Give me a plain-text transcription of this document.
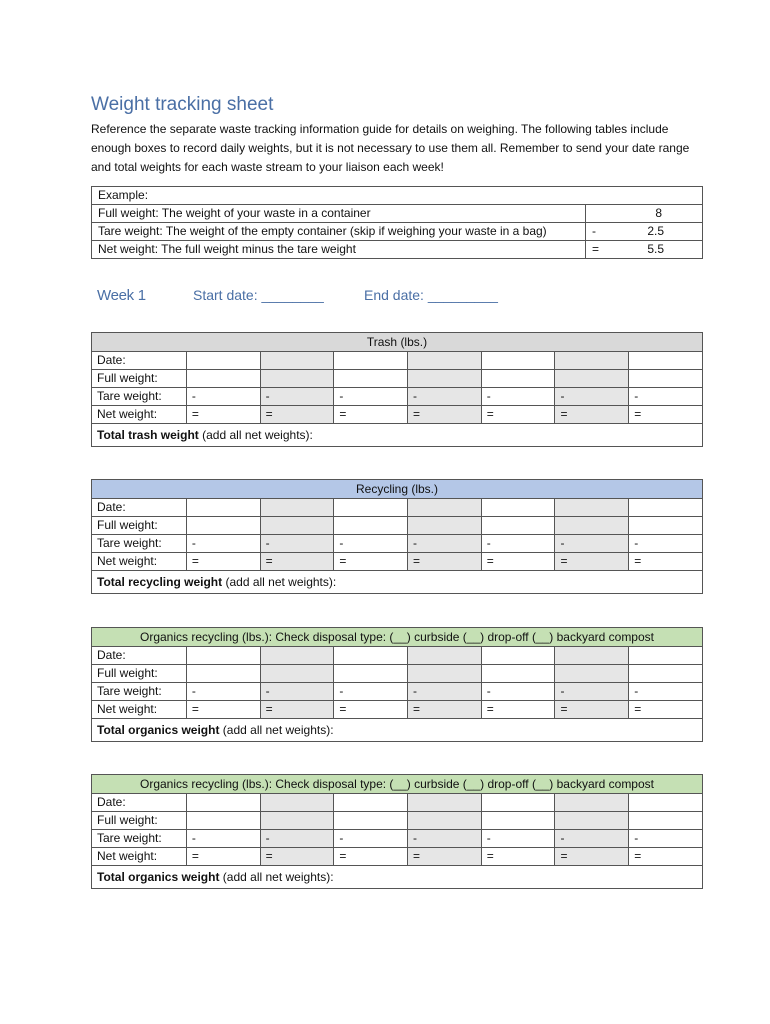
Weight tracking sheet
Reference the separate waste tracking information guide for details on weighing. The following tables include enough boxes to record daily weights, but it is not necessary to use them all. Remember to send your date range and total weights for each waste stream to your liaison each week!
Example:		
Full weight: The weight of your waste in a container	8	
Tare weight: The weight of the empty container (skip if weighing your waste in a bag)	-	2.5
Net weight: The full weight minus the tare weight	=	5.5
Week 1	Start date: ________	End date: _________
Trash (lbs.)							
Date:							
Full weight:							
Tare weight:	-	-	-	-	-	-	-
Net weight:	=	=	=	=	=	=	=
Total trash weight (add all net weights):							
Recycling (lbs.)							
Date:							
Full weight:							
Tare weight:	-	-	-	-	-	-	-
Net weight:	=	=	=	=	=	=	=
Total recycling weight (add all net weights):							
Organics recycling (lbs.): Check disposal type: (__) curbside (__) drop-off (__) backyard compost							
Date:							
Full weight:							
Tare weight:	-	-	-	-	-	-	-
Net weight:	=	=	=	=	=	=	=
Total organics weight (add all net weights):							
Organics recycling (lbs.): Check disposal type: (__) curbside (__) drop-off (__) backyard compost							
Date:							
Full weight:							
Tare weight:	-	-	-	-	-	-	-
Net weight:	=	=	=	=	=	=	=
Total organics weight (add all net weights):							
